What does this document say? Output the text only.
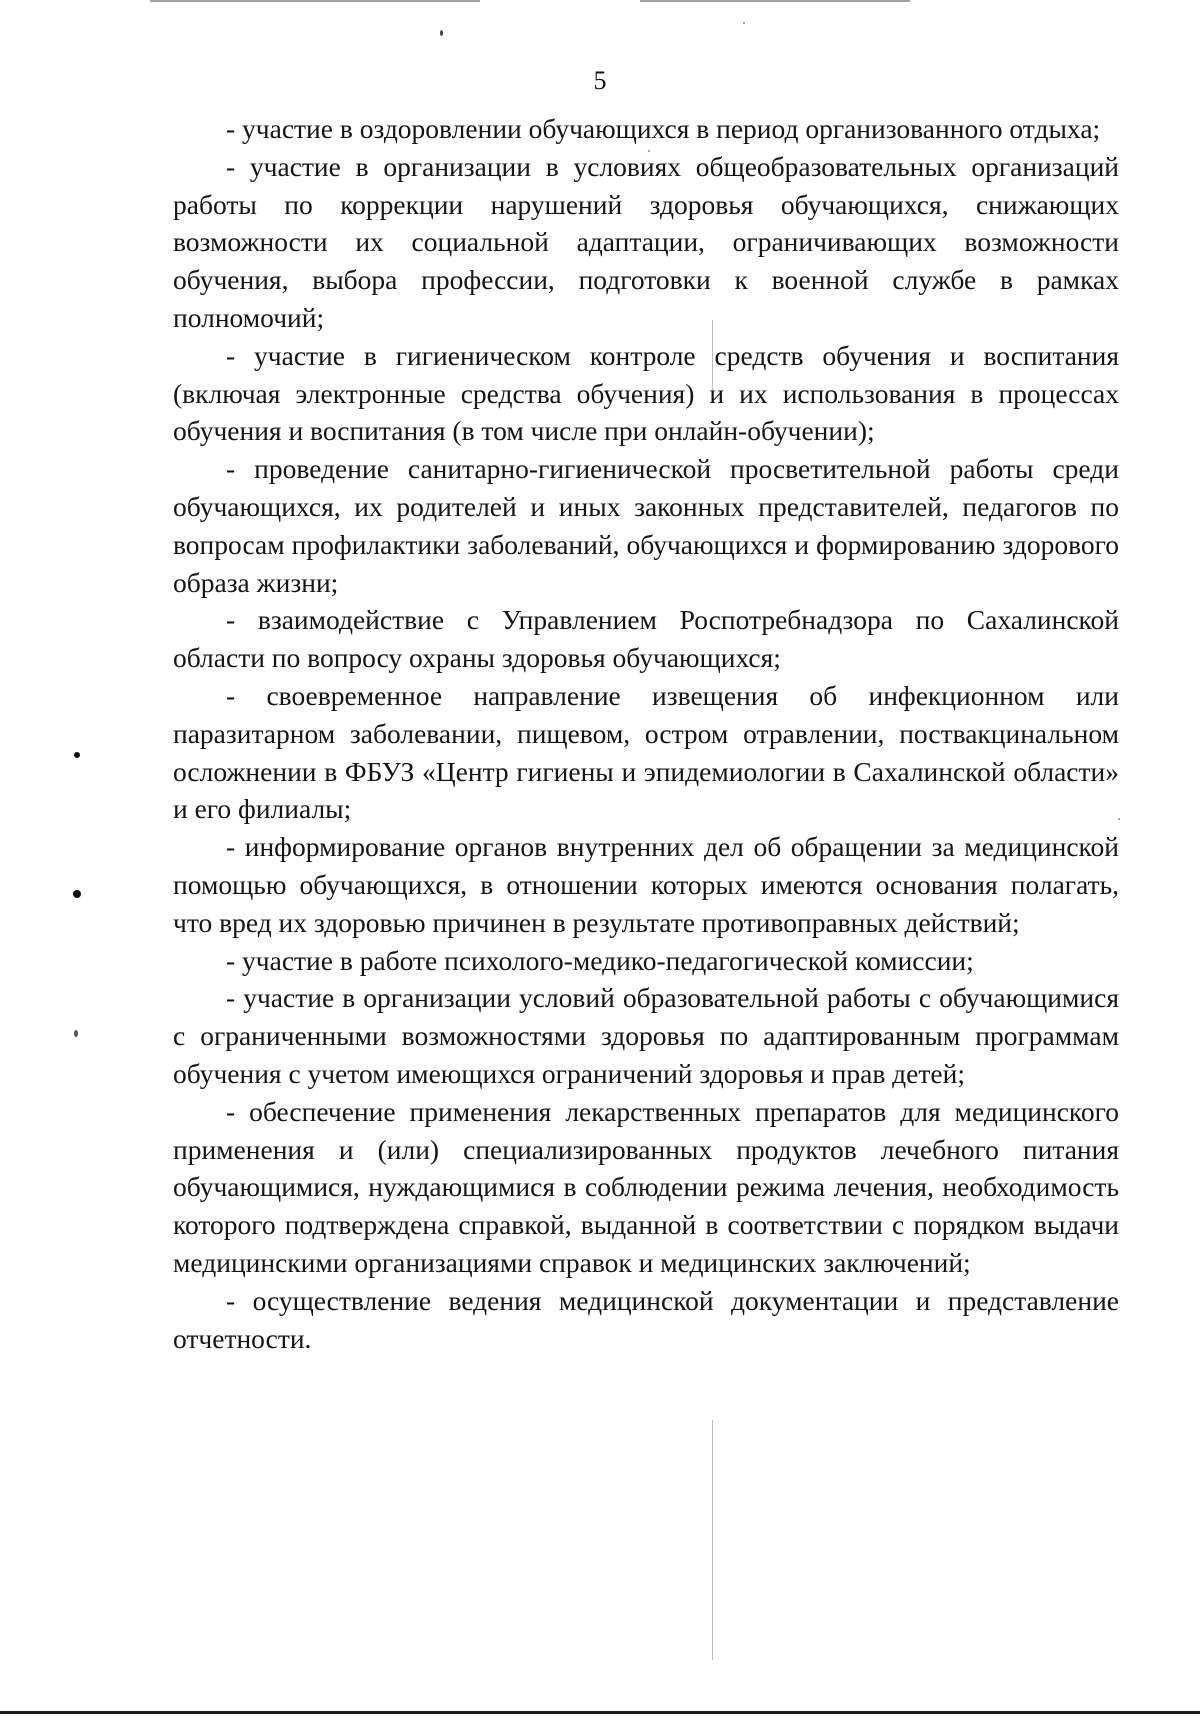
5

- участие в оздоровлении обучающихся в период организованного отдыха;

- участие в организации в условиях общеобразовательных организаций работы по коррекции нарушений здоровья обучающихся, снижающих возможности их социальной адаптации, ограничивающих возможности обучения, выбора профессии, подготовки к военной службе в рамках полномочий;

- участие в гигиеническом контроле средств обучения и воспитания (включая электронные средства обучения) и их использования в процессах обучения и воспитания (в том числе при онлайн-обучении);

- проведение санитарно-гигиенической просветительной работы среди обучающихся, их родителей и иных законных представителей, педагогов по вопросам профилактики заболеваний, обучающихся и формированию здорового образа жизни;

- взаимодействие с Управлением Роспотребнадзора по Сахалинской области по вопросу охраны здоровья обучающихся;

- своевременное направление извещения об инфекционном или паразитарном заболевании, пищевом, остром отравлении, поствакцинальном осложнении в ФБУЗ «Центр гигиены и эпидемиологии в Сахалинской области» и его филиалы;

- информирование органов внутренних дел об обращении за медицинской помощью обучающихся, в отношении которых имеются основания полагать, что вред их здоровью причинен в результате противоправных действий;

- участие в работе психолого-медико-педагогической комиссии;

- участие в организации условий образовательной работы с обучающимися с ограниченными возможностями здоровья по адаптированным программам обучения с учетом имеющихся ограничений здоровья и прав детей;

- обеспечение применения лекарственных препаратов для медицинского применения и (или) специализированных продуктов лечебного питания обучающимися, нуждающимися в соблюдении режима лечения, необходимость которого подтверждена справкой, выданной в соответствии с порядком выдачи медицинскими организациями справок и медицинских заключений;

- осуществление ведения медицинской документации и представление отчетности.
